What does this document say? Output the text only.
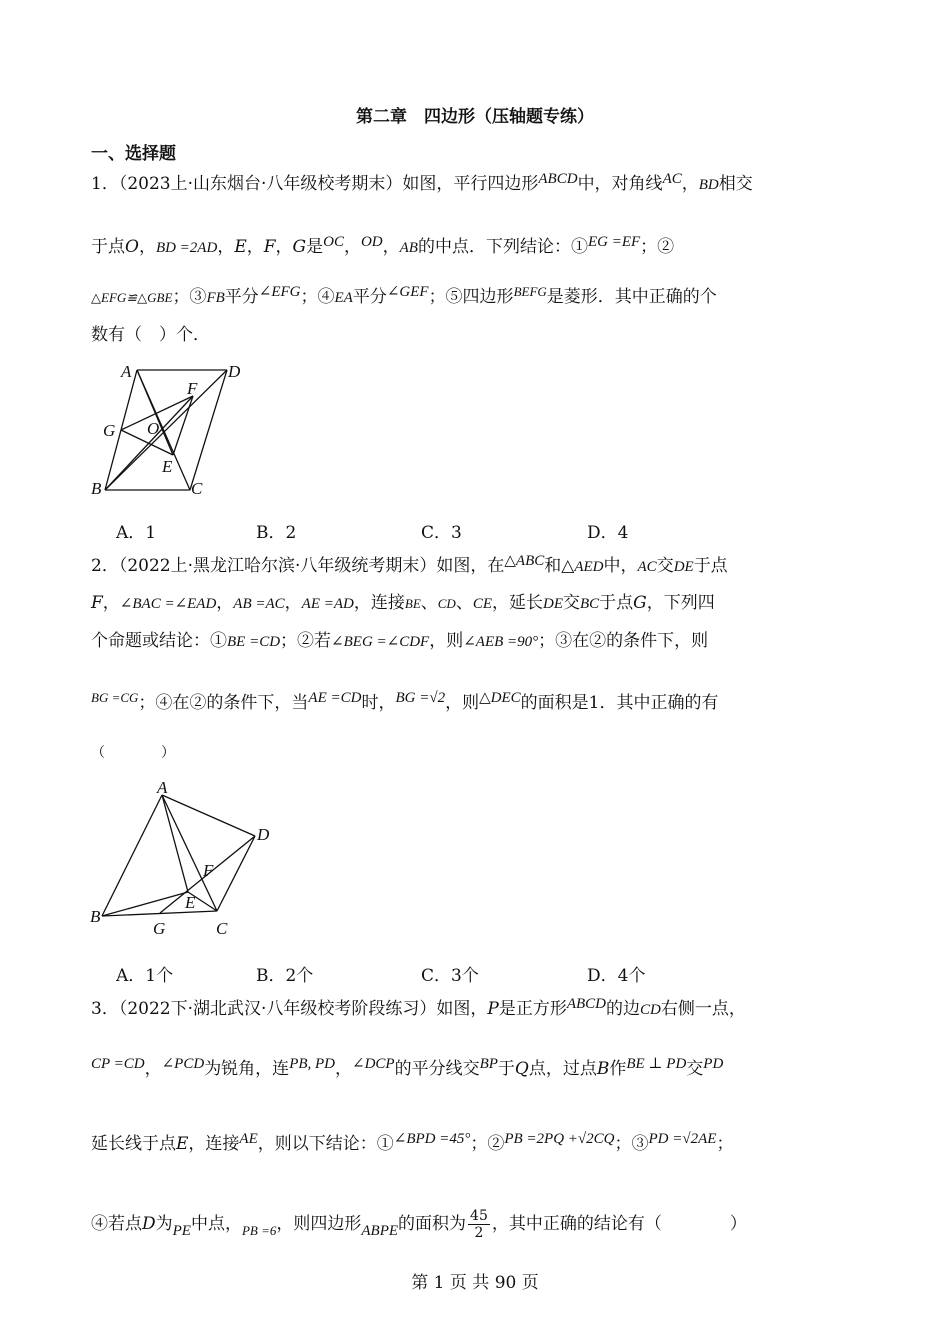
第二章　四边形（压轴题专练）
一、选择题
1．（2023上·山东烟台·八年级校考期末）如图，平行四边形ABCD中，对角线AC，BD相交
于点O，BD =2AD，E，F，G是OC，OD，AB的中点．下列结论：①EG =EF；②
△EFG≌△GBE；③FB平分∠EFG；④EA平分∠GEF；⑤四边形$^{BEFG}$是菱形．其中正确的个
数有（　）个．
A	D
F
G O
E
B	C
A．1	B．2	C．3	D．4
2．（2022上·黑龙江哈尔滨·八年级统考期末）如图，在△ABC和△AED中，AC交DE于点
F，∠BAC =∠EAD，AB =AC，AE =AD，连接BE、CD、CE，延长DE交BC于点G，下列四
个命题或结论：①BE =CD；②若∠BEG =∠CDF，则∠AEB =90°；③在②的条件下，则
$^{BG =CG}$；④在②的条件下，当AE =CD时，BG =√2，则△DEC的面积是1．其中正确的有
（　　　　）
A
D
F
E
B
G	C
A．1个	B．2个	C．3个	D．4个
3．（2022下·湖北武汉·八年级校考阶段练习）如图，P是正方形ABCD的边CD右侧一点，
CP =CD，∠PCD为锐角，连PB, PD，∠DCP的平分线交BP于Q点，过点B作BE ⊥ PD交PD
延长线于点E，连接AE，则以下结论：①∠BPD =45°；②PB =2PQ +√2CQ；③PD =√2AE；
④若点D为PE中点，$_{PB =6}$，则四边形ABPE的面积为 $\frac{45}{2}$ ，其中正确的结论有（　　　　）
第 1 页 共 90 页
